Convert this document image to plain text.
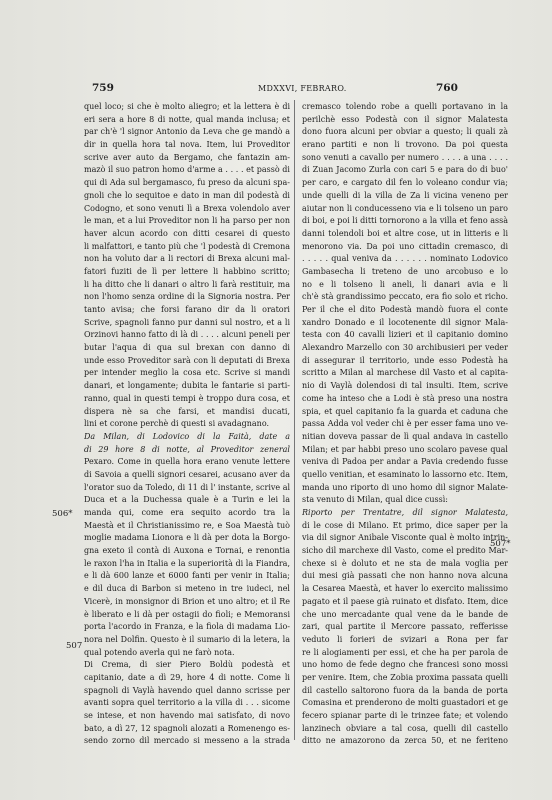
759	MDXXVI, FEBRARO.	760
quel loco; si che è molto aliegro; et la lettera è di
eri sera a hore 8 di notte, qual manda inclusa; et
par ch'è 'l signor Antonio da Leva che ge mandò a
dir in quella hora tal nova. Item, lui Proveditor
scrive aver auto da Bergamo, che fantazin am-
mazò il suo patron homo d'arme a . . . . et passò di
qui di Ada sul bergamasco, fu preso da alcuni spa-
gnoli che lo sequitoe e dato in man dil podestà di
Codogno, et sono venuti lì a Brexa volendolo aver
le man, et a lui Proveditor non li ha parso per non
haver alcun acordo con ditti cesarei di questo
li malfattori, e tanto più che 'l podestà di Cremona
non ha voluto dar a li rectori di Brexa alcuni mal-
fatori fuziti de lì per lettere li habbino scritto;
li ha ditto che li danari o altro li farà restituir, ma
non l'homo senza ordine di la Signoria nostra. Per
tanto avisa; che forsi farano dir da li oratori
Scrive, spagnoli fanno pur danni sul nostro, et a li
Orzinovi hanno fatto di là di . . . . alcuni peneli per
butar l'aqua di qua sul brexan con danno di
unde esso Proveditor sarà con li deputati di Brexa
per intender meglio la cosa etc. Scrive si mandi
danari, et longamente; dubita le fantarie si parti-
ranno, qual in questi tempi è troppo dura cosa, et
dispera nè sa che farsi, et mandisi ducati,
lini et corone perchè di questi si avadagnano.
Da Milan, di Lodovico di la Faità, date a
di 29 hore 8 di notte, al Proveditor zeneral
Pexaro. Come in quella hora erano venute lettere
di Savoia a quelli signori cesarei, acusano aver da
l'orator suo da Toledo, di 11 di l' instante, scrive al
Duca et a la Duchessa quale è a Turin e lei la
manda qui, come era sequito acordo tra la
Maestà et il Christianissimo re, e Soa Maestà tuò
moglie madama Lionora e li dà per dota la Borgo-
gna exeto il contà di Auxona e Tornai, e renontia
le raxon l'ha in Italia e la superiorità di la Fiandra,
e li dà 600 lanze et 6000 fanti per venir in Italia;
e dil duca di Barbon si meteno in tre iudeci, nel
Vicerè, in monsignor di Brion et uno altro; et il Re
è liberato e li dà per ostagii do fioli; e Memoransi
porta l'acordo in Franza, e la fiola di madama Lio-
nora nel Dolfin. Questo è il sumario di la letera, la
qual potendo averla qui ne farò nota.
Di Crema, di sier Piero Boldù podestà et
capitanio, date a dì 29, hore 4 di notte. Come li
spagnoli di Vaylà havendo quel danno scrisse per
avanti sopra quel territorio a la villa di . . . sicome
se intese, et non havendo mai satisfato, di novo
bato, a dì 27, 12 spagnoli alozati a Romenengo es-
sendo zorno dil mercado si messeno a la strada
cremasco tolendo robe a quelli portavano in la
perilchè esso Podestà con il signor Malatesta
dono fuora alcuni per obviar a questo; li quali zà
erano partiti e non li trovono. Da poi questa
sono venuti a cavallo per numero . . . . a una . . . .
di Zuan Jacomo Zurla con cari 5 e para do di buo'
per caro, e cargato dil fen lo voleano condur via;
unde quelli di la villa de Za li vicina veneno per
aiutar non li conducesseno via e li tolseno un paro
di boi, e poi li ditti tornorono a la villa et feno assà
danni tolendoli boi et altre cose, ut in litteris e li
menorono via. Da poi uno cittadin cremasco, di
. . . . . qual veniva da . . . . . . nominato Lodovico
Gambasecha li treteno de uno arcobuso e lo
no e li tolseno li aneli, li danari avia e li
ch'è stà grandissimo peccato, era fio solo et richo.
Per il che el dito Podestà mandò fuora el conte
xandro Donado e il locotenente dil signor Mala-
testa con 40 cavalli lizieri et il capitanio domino
Alexandro Marzello con 30 archibusieri per veder
di assegurar il territorio, unde esso Podestà ha
scritto a Milan al marchese dil Vasto et al capita-
nio di Vaylà dolendosi di tal insulti. Item, scrive
come ha inteso che a Lodi è stà preso una nostra
spia, et quel capitanio fa la guarda et caduna che
passa Adda vol veder chi è per esser fama uno ve-
nitian doveva passar de lì qual andava in castello
Milan; et par habbi preso uno scolaro pavese qual
veniva di Padoa per andar a Pavia credendo fusse
quello venitian, et esaminato lo lassorno etc. Item,
manda uno riporto di uno homo dil signor Malate-
sta venuto di Milan, qual dice cussì:
Riporto per Trentatre, dil signor Malatesta,
di le cose di Milano. Et primo, dice saper per la
via dil signor Anibale Visconte qual è molto intrin-
sicho dil marchexe dil Vasto, come el predito Mar-
chexe si è doluto et ne sta de mala voglia per
dui mesi già passati che non hanno nova alcuna
la Cesarea Maestà, et haver lo exercito malissimo
pagato et il paese già ruinato et disfato. Item, dice
che uno mercadante qual vene da le bande de
zari, qual partite il Mercore passato, refferisse
veduto li forieri de svizari a Rona per far
re li alogiamenti per essi, et che ha per parola de
uno homo de fede degno che francesi sono mossi
per venire. Item, che Zobia proxima passata quelli
dil castello saltorono fuora da la banda de porta
Comasina et prenderono de molti guastadori et ge
fecero spianar parte di le trinzee fate; et volendo
lanzinech obviare a tal cosa, quelli dil castello
ditto ne amazorono da zerca 50, et ne feriteno
506*
507
507*
